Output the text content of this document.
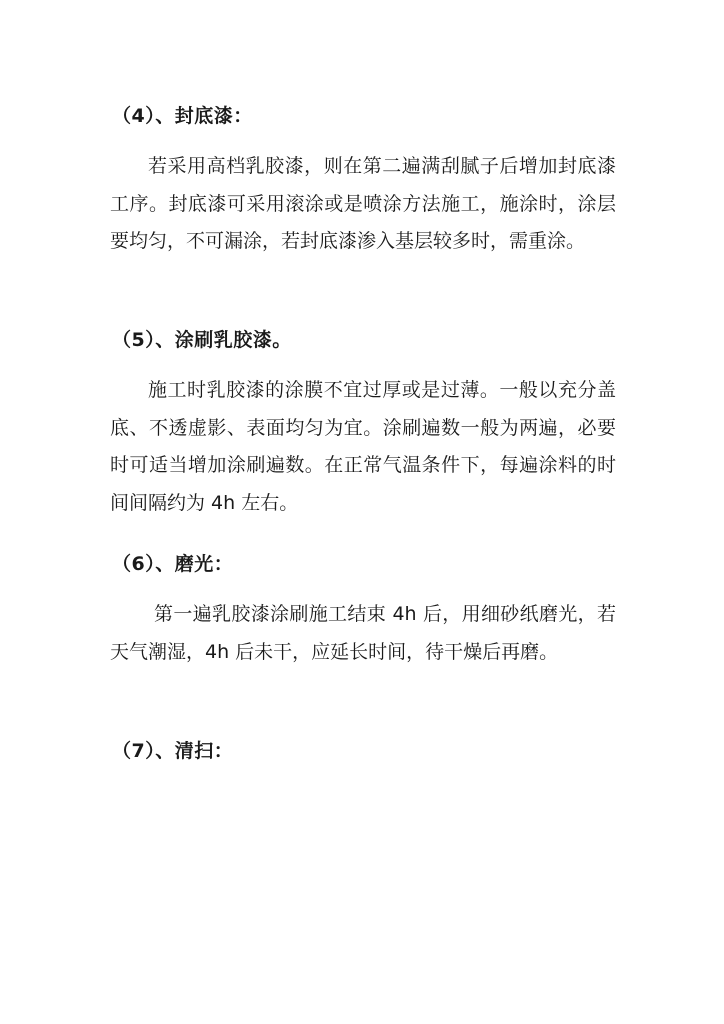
（4）、封底漆：
若采用高档乳胶漆，则在第二遍满刮腻子后增加封底漆工序。封底漆可采用滚涂或是喷涂方法施工，施涂时，涂层要均匀，不可漏涂，若封底漆渗入基层较多时，需重涂。
（5）、涂刷乳胶漆。
施工时乳胶漆的涂膜不宜过厚或是过薄。一般以充分盖底、不透虚影、表面均匀为宜。涂刷遍数一般为两遍，必要时可适当增加涂刷遍数。在正常气温条件下，每遍涂料的时间间隔约为 4h 左右。
（6）、磨光：
第一遍乳胶漆涂刷施工结束 4h 后，用细砂纸磨光，若天气潮湿，4h 后未干，应延长时间，待干燥后再磨。
（7）、清扫：
